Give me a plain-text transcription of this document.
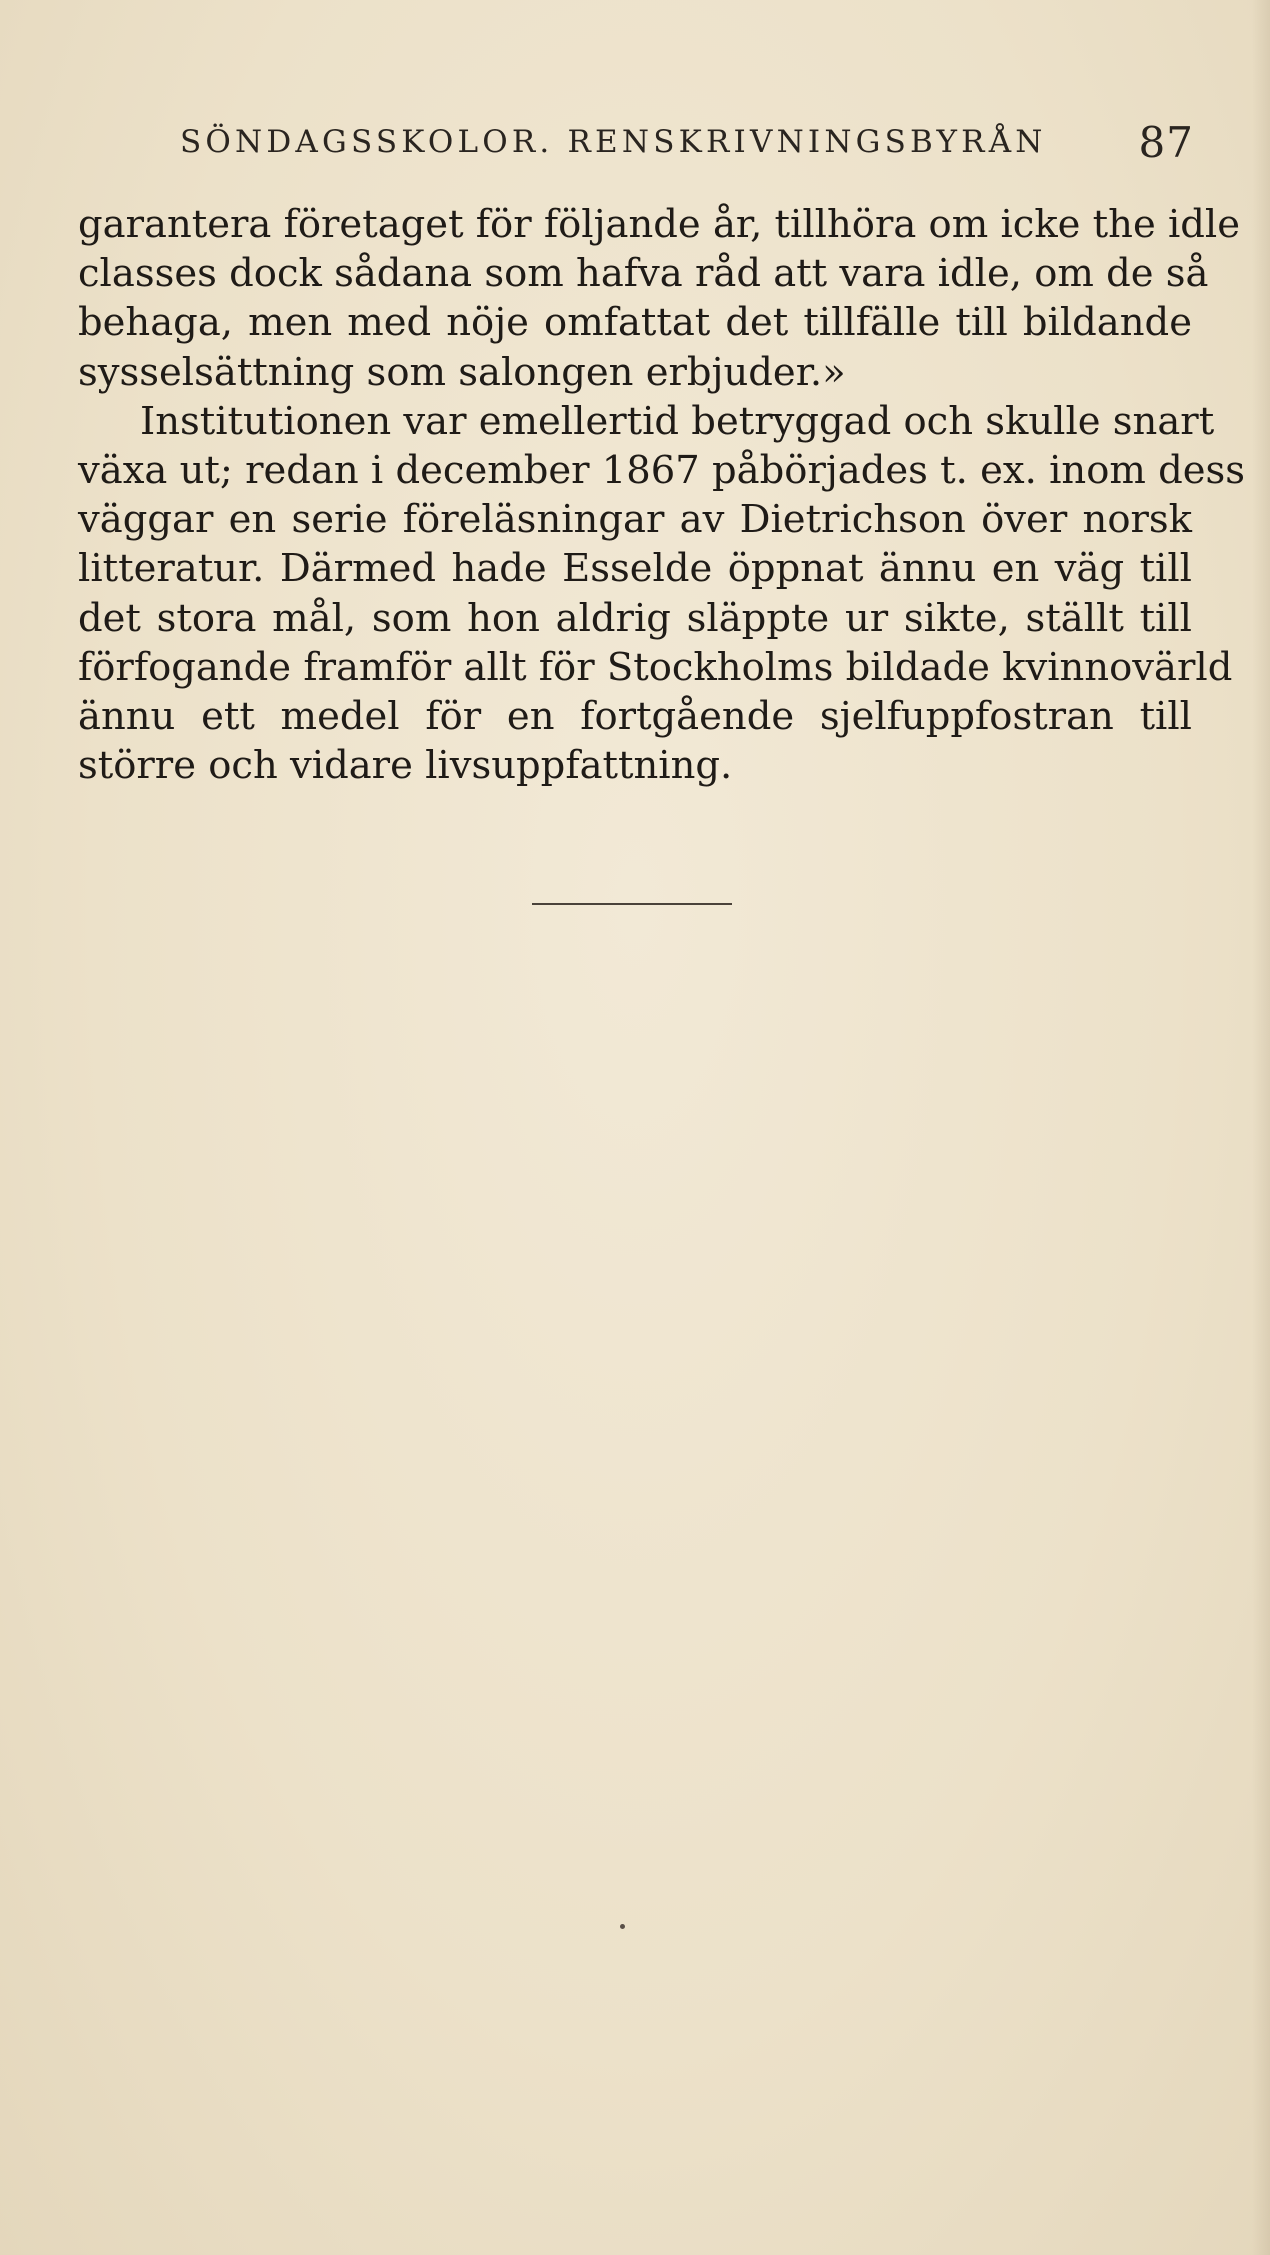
SÖNDAGSSKOLOR. RENSKRIVNINGSBYRÅN 87
garantera företaget för följande år, tillhöra om icke the idle
classes dock sådana som hafva råd att vara idle, om de så
behaga, men med nöje omfattat det tillfälle till bildande
sysselsättning som salongen erbjuder.»
Institutionen var emellertid betryggad och skulle snart
växa ut; redan i december 1867 påbörjades t. ex. inom dess
väggar en serie föreläsningar av Dietrichson över norsk
litteratur. Därmed hade Esselde öppnat ännu en väg till
det stora mål, som hon aldrig släppte ur sikte, ställt till
förfogande framför allt för Stockholms bildade kvinnovärld
ännu ett medel för en fortgående sjelfuppfostran till
större och vidare livsuppfattning.
